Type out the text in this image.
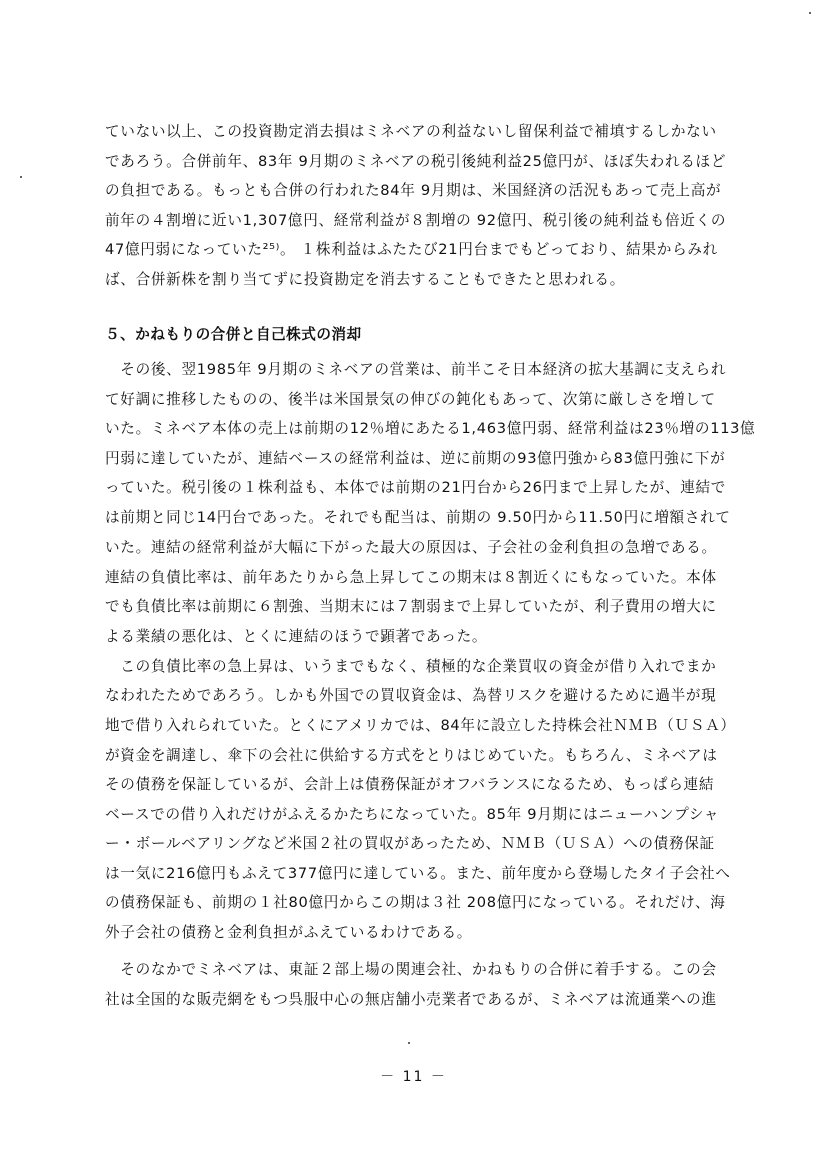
ていない以上、この投資勘定消去損はミネベアの利益ないし留保利益で補填するしかない
であろう。合併前年、83年 9月期のミネベアの税引後純利益25億円が、ほぼ失われるほど
の負担である。もっとも合併の行われた84年 9月期は、米国経済の活況もあって売上高が
前年の４割増に近い1,307億円、経常利益が８割増の 92億円、税引後の純利益も倍近くの
47億円弱になっていた²⁵⁾。 １株利益はふたたび21円台までもどっており、結果からみれ
ば、合併新株を割り当てずに投資勘定を消去することもできたと思われる。
５、かねもりの合併と自己株式の消却
　その後、翌1985年 9月期のミネベアの営業は、前半こそ日本経済の拡大基調に支えられ
て好調に推移したものの、後半は米国景気の伸びの鈍化もあって、次第に厳しさを増して
いた。ミネベア本体の売上は前期の12％増にあたる1,463億円弱、経常利益は23％増の113億
円弱に達していたが、連結ベースの経常利益は、逆に前期の93億円強から83億円強に下が
っていた。税引後の１株利益も、本体では前期の21円台から26円まで上昇したが、連結で
は前期と同じ14円台であった。それでも配当は、前期の 9.50円から11.50円に増額されて
いた。連結の経常利益が大幅に下がった最大の原因は、子会社の金利負担の急増である。
連結の負債比率は、前年あたりから急上昇してこの期末は８割近くにもなっていた。本体
でも負債比率は前期に６割強、当期末には７割弱まで上昇していたが、利子費用の増大に
よる業績の悪化は、とくに連結のほうで顕著であった。
　この負債比率の急上昇は、いうまでもなく、積極的な企業買収の資金が借り入れでまか
なわれたためであろう。しかも外国での買収資金は、為替リスクを避けるために過半が現
地で借り入れられていた。とくにアメリカでは、84年に設立した持株会社ＮＭＢ（ＵＳＡ）
が資金を調達し、傘下の会社に供給する方式をとりはじめていた。もちろん、ミネベアは
その債務を保証しているが、会計上は債務保証がオフバランスになるため、もっぱら連結
ベースでの借り入れだけがふえるかたちになっていた。85年 9月期にはニューハンプシャ
ー・ボールベアリングなど米国２社の買収があったため、ＮＭＢ（ＵＳＡ）への債務保証
は一気に216億円もふえて377億円に達している。また、前年度から登場したタイ子会社へ
の債務保証も、前期の１社80億円からこの期は３社 208億円になっている。それだけ、海
外子会社の債務と金利負担がふえているわけである。
　そのなかでミネベアは、東証２部上場の関連会社、かねもりの合併に着手する。この会
社は全国的な販売網をもつ呉服中心の無店舗小売業者であるが、ミネベアは流通業への進
－ 11 －
